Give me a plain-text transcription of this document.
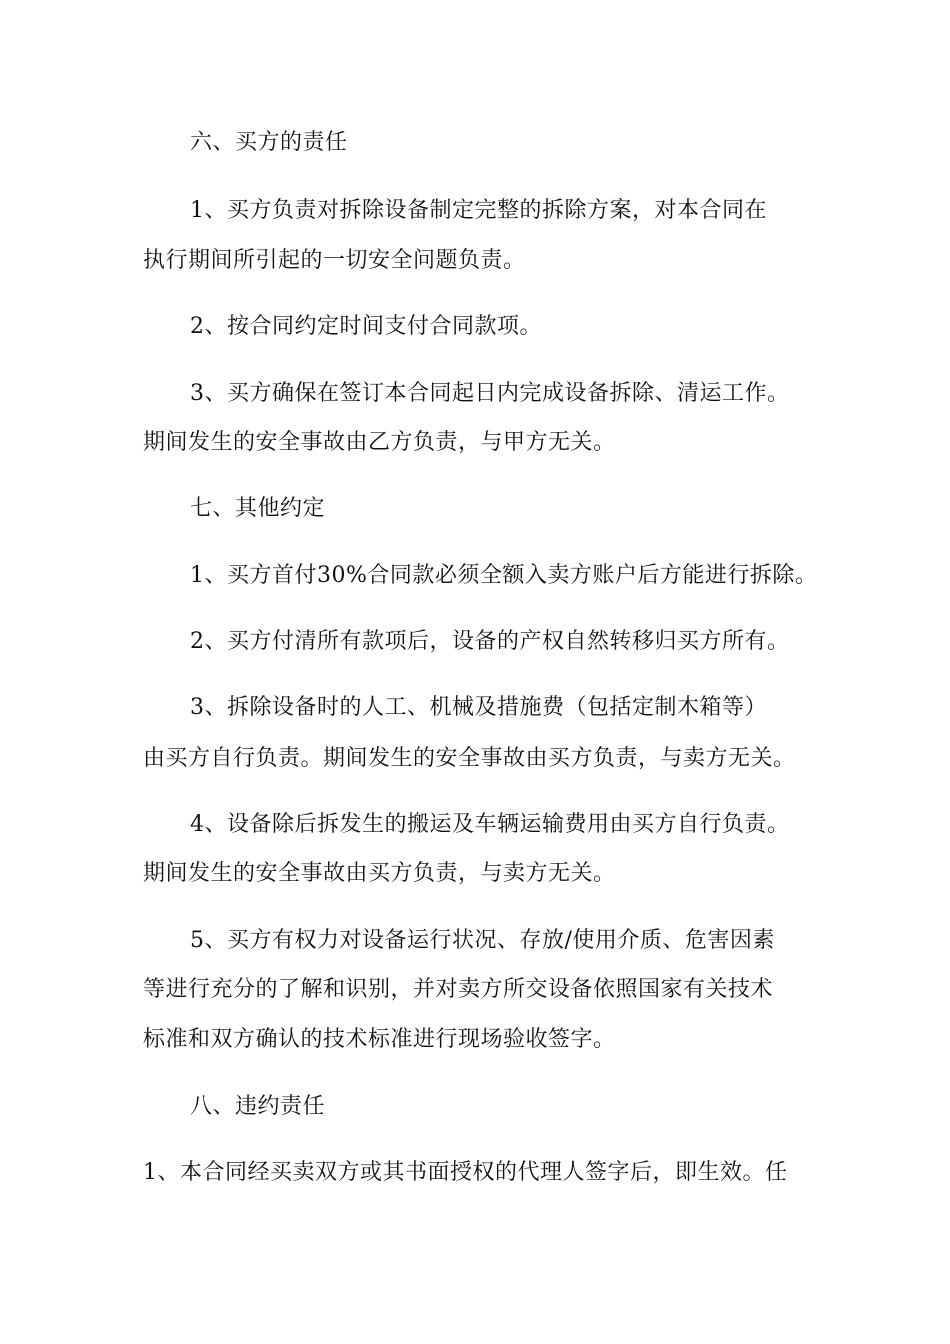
六、买方的责任
1、买方负责对拆除设备制定完整的拆除方案，对本合同在
执行期间所引起的一切安全问题负责。
2、按合同约定时间支付合同款项。
3、买方确保在签订本合同起日内完成设备拆除、清运工作。
期间发生的安全事故由乙方负责，与甲方无关。
七、其他约定
1、买方首付30%合同款必须全额入卖方账户后方能进行拆除。
2、买方付清所有款项后，设备的产权自然转移归买方所有。
3、拆除设备时的人工、机械及措施费（包括定制木箱等）
由买方自行负责。期间发生的安全事故由买方负责，与卖方无关。
4、设备除后拆发生的搬运及车辆运输费用由买方自行负责。
期间发生的安全事故由买方负责，与卖方无关。
5、买方有权力对设备运行状况、存放/使用介质、危害因素
等进行充分的了解和识别，并对卖方所交设备依照国家有关技术
标准和双方确认的技术标准进行现场验收签字。
八、违约责任
1、本合同经买卖双方或其书面授权的代理人签字后，即生效。任
